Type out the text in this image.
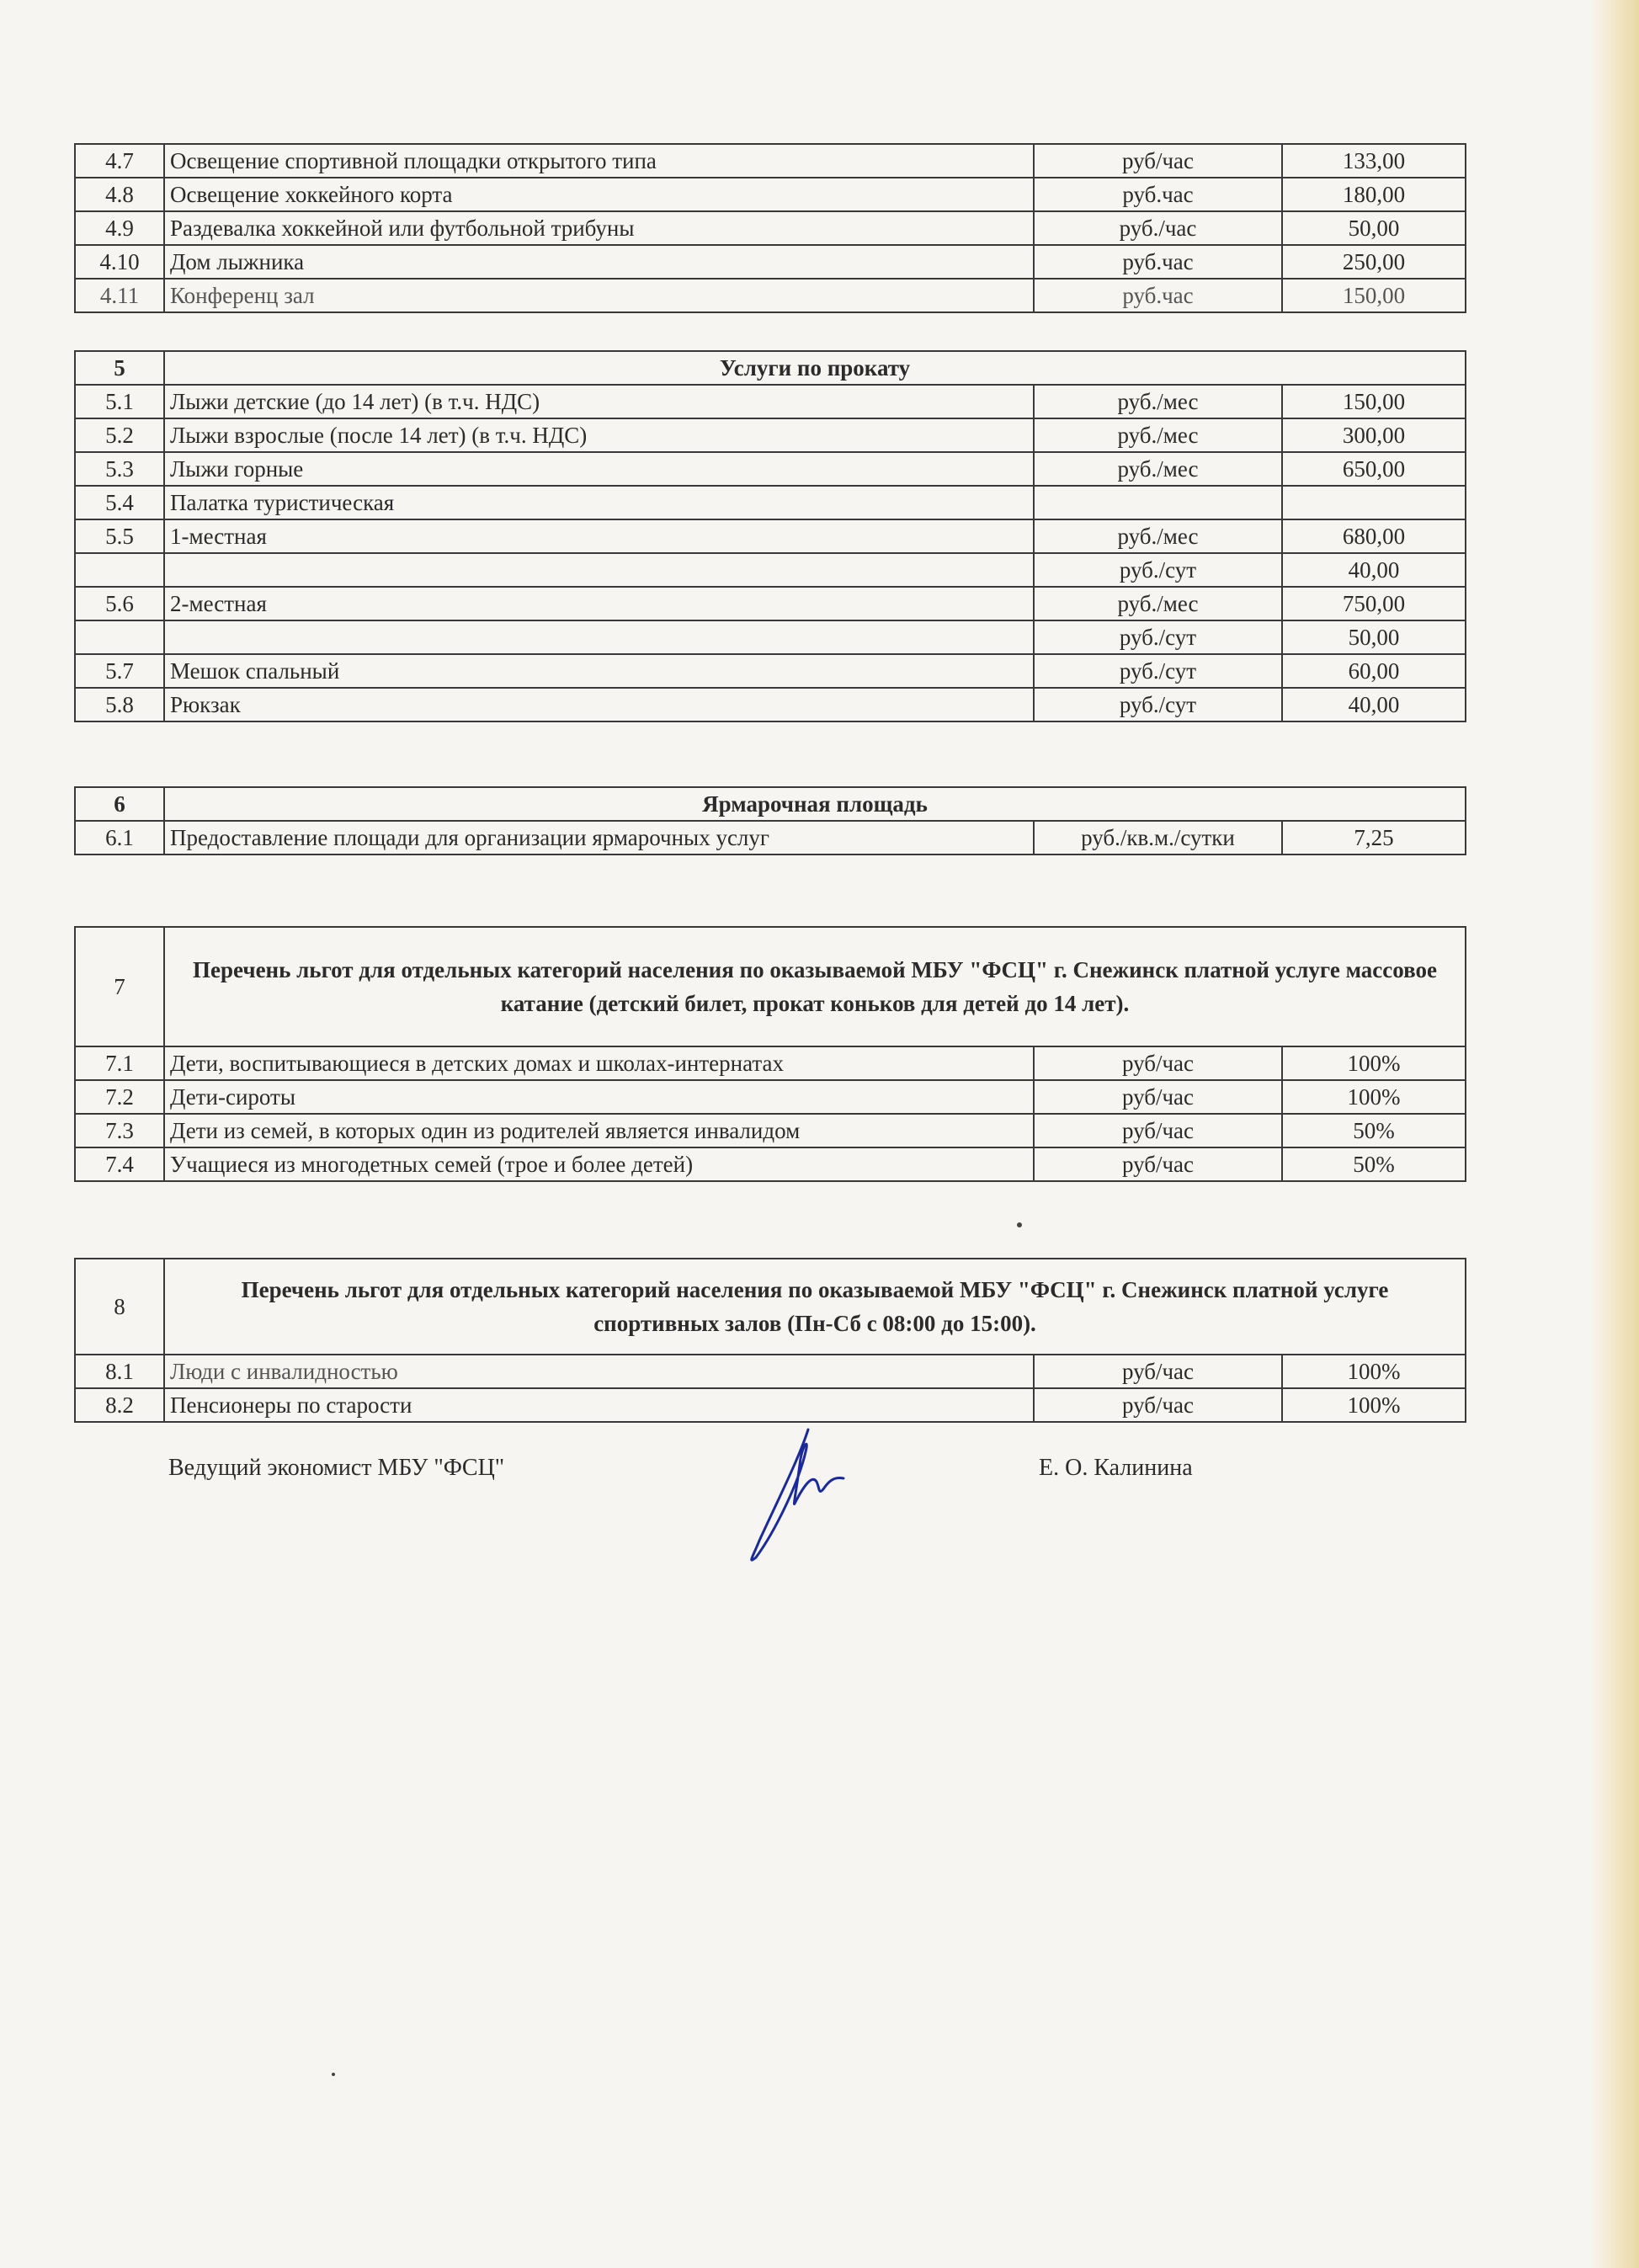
4.7	Освещение спортивной площадки открытого типа	руб/час	133,00
4.8	Освещение хоккейного корта	руб.час	180,00
4.9	Раздевалка хоккейной или футбольной трибуны	руб./час	50,00
4.10	Дом лыжника	руб.час	250,00
4.11	Конференц зал	руб.час	150,00
5	Услуги по прокату		
5.1	Лыжи детские (до 14 лет) (в т.ч. НДС)	руб./мес	150,00
5.2	Лыжи взрослые (после 14 лет) (в т.ч. НДС)	руб./мес	300,00
5.3	Лыжи горные	руб./мес	650,00
5.4	Палатка туристическая		
5.5	1-местная	руб./мес	680,00
		руб./сут	40,00
5.6	2-местная	руб./мес	750,00
		руб./сут	50,00
5.7	Мешок спальный	руб./сут	60,00
5.8	Рюкзак	руб./сут	40,00
6	Ярмарочная площадь		
6.1	Предоставление площади для организации ярмарочных услуг	руб./кв.м./сутки	7,25
7	Перечень льгот для отдельных категорий населения по оказываемой МБУ "ФСЦ" г. Снежинск платной услуге массовое катание (детский билет, прокат коньков для детей до 14 лет).		
7.1	Дети, воспитывающиеся в детских домах и школах-интернатах	руб/час	100%
7.2	Дети-сироты	руб/час	100%
7.3	Дети из семей, в которых один из родителей является инвалидом	руб/час	50%
7.4	Учащиеся из многодетных семей (трое и более детей)	руб/час	50%
8	Перечень льгот для отдельных категорий населения по оказываемой МБУ "ФСЦ" г. Снежинск платной услуге спортивных залов (Пн-Сб с 08:00 до 15:00).		
8.1	Люди с инвалидностью	руб/час	100%
8.2	Пенсионеры по старости	руб/час	100%
Ведущий экономист МБУ "ФСЦ"	Е. О. Калинина
